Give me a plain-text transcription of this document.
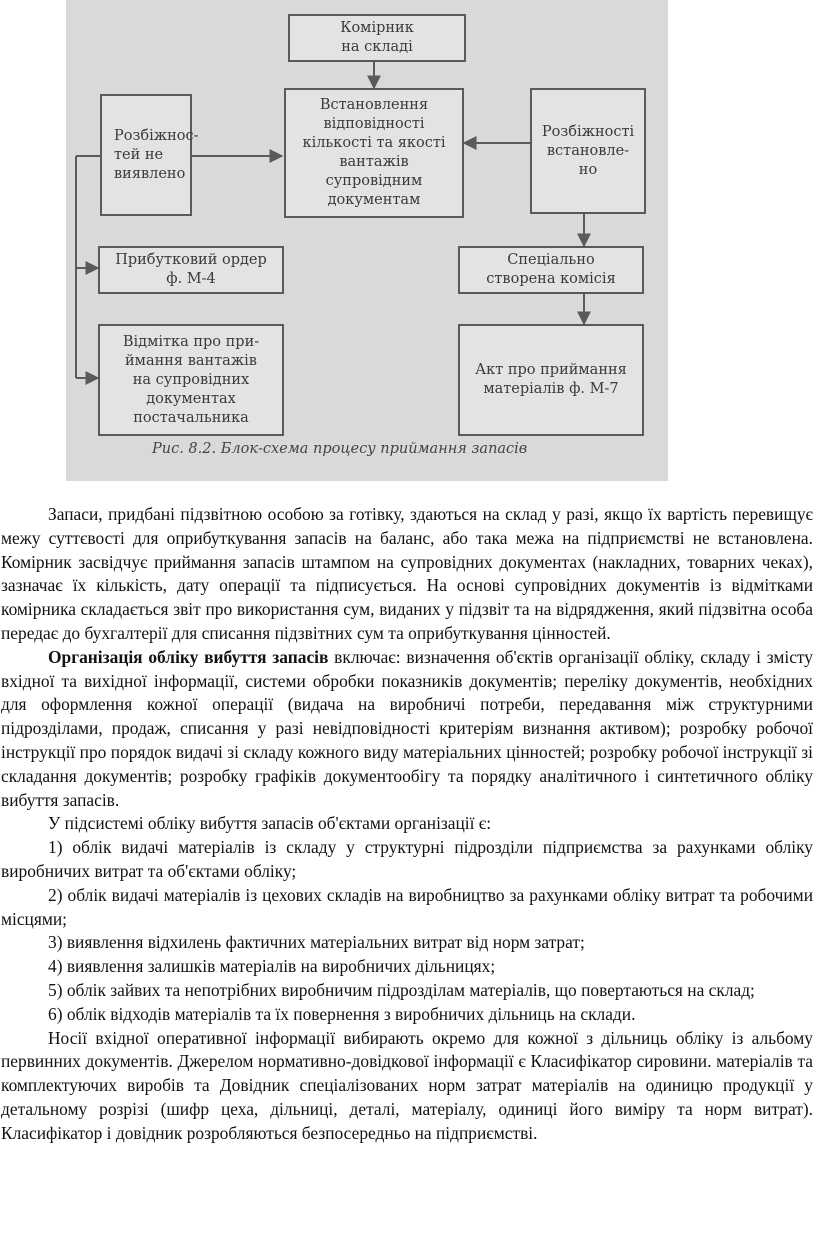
Комірник
на складі
Встановлення
відповідності
кількості та якості
вантажів
супровідним
документам
Розбіжнос-
тей не
виявлено
Розбіжності
встановле-
но
Прибутковий ордер
ф. М-4
Спеціально
створена комісія
Відмітка про при-
ймання вантажів
на супровідних
документах
постачальника
Акт про приймання
матеріалів ф. М-7
Рис. 8.2. Блок-схема процесу приймання запасів

Запаси, придбані підзвітною особою за готівку, здаються на склад у разі, якщо їх вартість перевищує межу суттєвості для оприбуткування запасів на баланс, або така межа на підприємстві не встановлена. Комірник засвідчує приймання запасів штампом на супровідних документах (накладних, товарних чеках), зазначає їх кількість, дату операції та підписується. На основі супровідних документів із відмітками комірника складається звіт про використання сум, виданих у підзвіт та на відрядження, який підзвітна особа передає до бухгалтерії для списання підзвітних сум та оприбуткування цінностей.

Організація обліку вибуття запасів включає: визначення об'єктів організації обліку, складу і змісту вхідної та вихідної інформації, системи обробки показників документів; переліку документів, необхідних для оформлення кожної операції (видача на виробничі потреби, передавання між структурними підрозділами, продаж, списання у разі невідповідності критеріям визнання активом); розробку робочої інструкції про порядок видачі зі складу кожного виду матеріальних цінностей; розробку робочої інструкції зі складання документів; розробку графіків документообігу та порядку аналітичного і синтетичного обліку вибуття запасів.

У підсистемі обліку вибуття запасів об'єктами організації є:

1) облік видачі матеріалів із складу у структурні підрозділи підприємства за рахунками обліку виробничих витрат та об'єктами обліку;

2) облік видачі матеріалів із цехових складів на виробництво за рахунками обліку витрат та робочими місцями;

3) виявлення відхилень фактичних матеріальних витрат від норм затрат;

4) виявлення залишків матеріалів на виробничих дільницях;

5) облік зайвих та непотрібних виробничим підрозділам матеріалів, що повертаються на склад;

6) облік відходів матеріалів та їх повернення з виробничих дільниць на склади.

Носії вхідної оперативної інформації вибирають окремо для кожної з дільниць обліку із альбому первинних документів. Джерелом нормативно-довідкової інформації є Класифікатор сировини. матеріалів та комплектуючих виробів та Довідник спеціалізованих норм затрат матеріалів на одиницю продукції у детальному розрізі (шифр цеха, дільниці, деталі, матеріалу, одиниці його виміру та норм витрат). Класифікатор і довідник розробляються безпосередньо на підприємстві.
